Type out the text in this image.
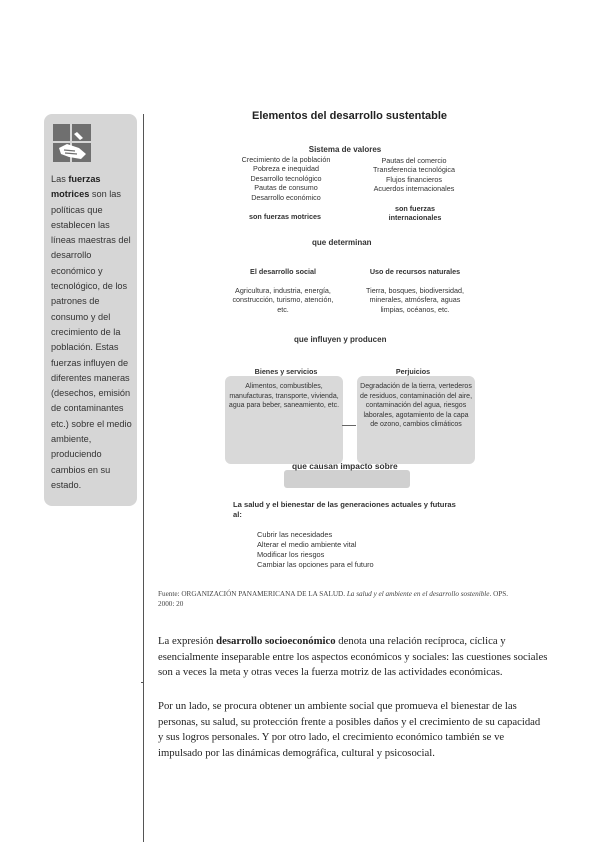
Las fuerzas motrices son las políticas que establecen las líneas maestras del desarrollo económico y tecnológico, de los patrones de consumo y del crecimiento de la población. Estas fuerzas influyen de diferentes maneras (desechos, emisión de contaminantes etc.) sobre el medio ambiente, produciendo cambios en su estado.
Elementos del desarrollo sustentable
Sistema de valores
Crecimiento de la población
Pobreza e inequidad
Desarrollo tecnológico
Pautas de consumo
Desarrollo económico
Pautas del comercio
Transferencia tecnológica
Flujos financieros
Acuerdos internacionales
son fuerzas motrices
son fuerzas
internacionales
que determinan
El desarrollo social
Agricultura, industria, energía, construcción, turismo, atención, etc.
Uso de recursos naturales
Tierra, bosques, biodiversidad, minerales, atmósfera, aguas limpias, océanos, etc.
que influyen y producen
Bienes y servicios
Alimentos, combustibles, manufacturas, transporte, vivienda, agua para beber, saneamiento, etc.
Perjuicios
Degradación de la tierra, vertederos de residuos, contaminación del aire, contaminación del agua, riesgos laborales, agotamiento de la capa de ozono, cambios climáticos
que causan impacto sobre
La salud y el bienestar de las generaciones actuales y futuras al:
Cubrir las necesidades
Alterar el medio ambiente vital
Modificar los riesgos
Cambiar las opciones para el futuro
Fuente: ORGANIZACIÓN PANAMERICANA DE LA SALUD. La salud y el ambiente en el desarrollo sostenible. OPS. 2000: 20
La expresión desarrollo socioeconómico denota una relación recíproca, cíclica y esencialmente inseparable entre los aspectos económicos y sociales: las cuestiones sociales son a veces la meta y otras veces la fuerza motriz de las actividades económicas.
Por un lado, se procura obtener un ambiente social que promueva el bienestar de las personas, su salud, su protección frente a posibles daños y el crecimiento de su capacidad y sus logros personales. Y por otro lado, el crecimiento económico también se ve impulsado por las dinámicas demográfica, cultural y psicosocial.
